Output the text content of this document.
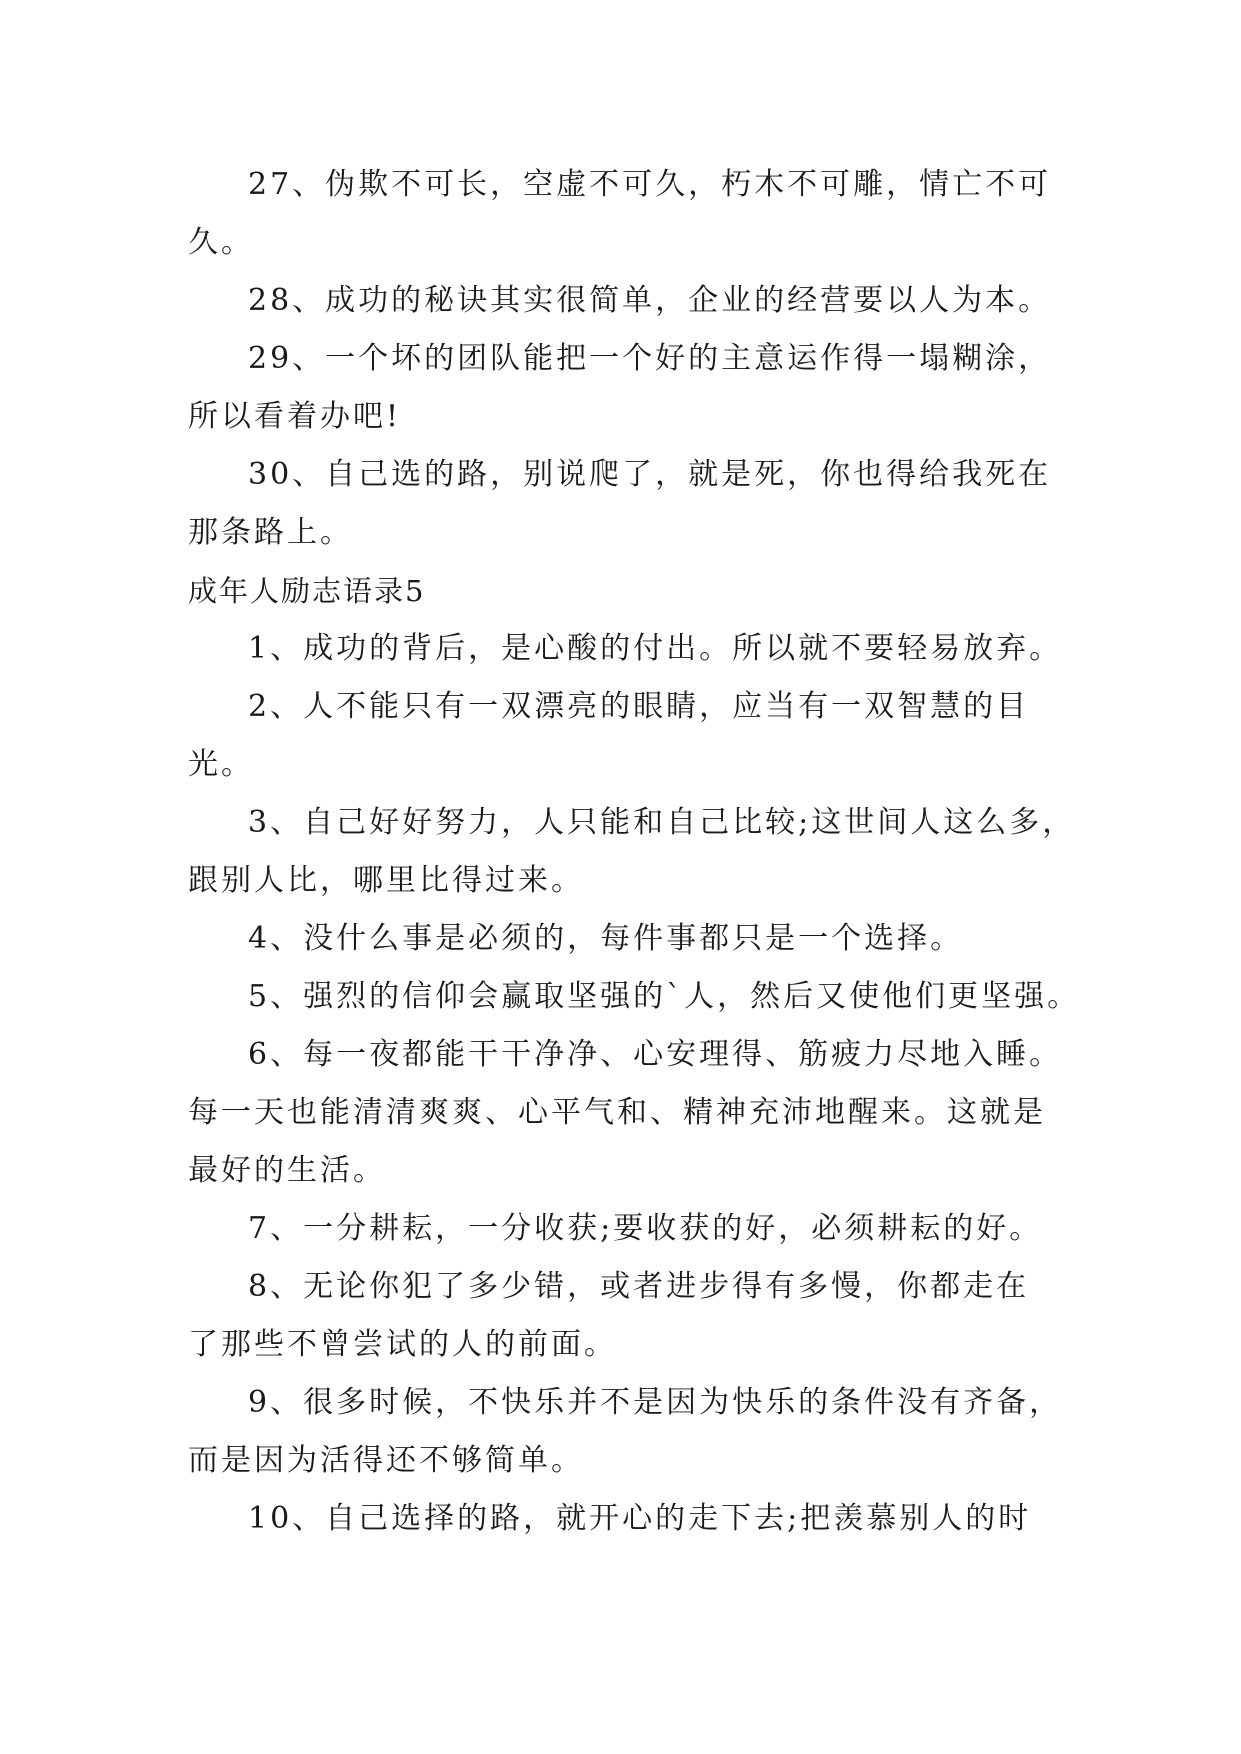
27、伪欺不可长，空虚不可久，朽木不可雕，情亡不可
久。
28、成功的秘诀其实很简单，企业的经营要以人为本。
29、一个坏的团队能把一个好的主意运作得一塌糊涂，
所以看着办吧!
30、自己选的路，别说爬了，就是死，你也得给我死在
那条路上。
成年人励志语录5
1、成功的背后，是心酸的付出。所以就不要轻易放弃。
2、人不能只有一双漂亮的眼睛，应当有一双智慧的目
光。
3、自己好好努力，人只能和自己比较;这世间人这么多，
跟别人比，哪里比得过来。
4、没什么事是必须的，每件事都只是一个选择。
5、强烈的信仰会赢取坚强的`人，然后又使他们更坚强。
6、每一夜都能干干净净、心安理得、筋疲力尽地入睡。
每一天也能清清爽爽、心平气和、精神充沛地醒来。这就是
最好的生活。
7、一分耕耘，一分收获;要收获的好，必须耕耘的好。
8、无论你犯了多少错，或者进步得有多慢，你都走在
了那些不曾尝试的人的前面。
9、很多时候，不快乐并不是因为快乐的条件没有齐备，
而是因为活得还不够简单。
10、自己选择的路，就开心的走下去;把羡慕别人的时
